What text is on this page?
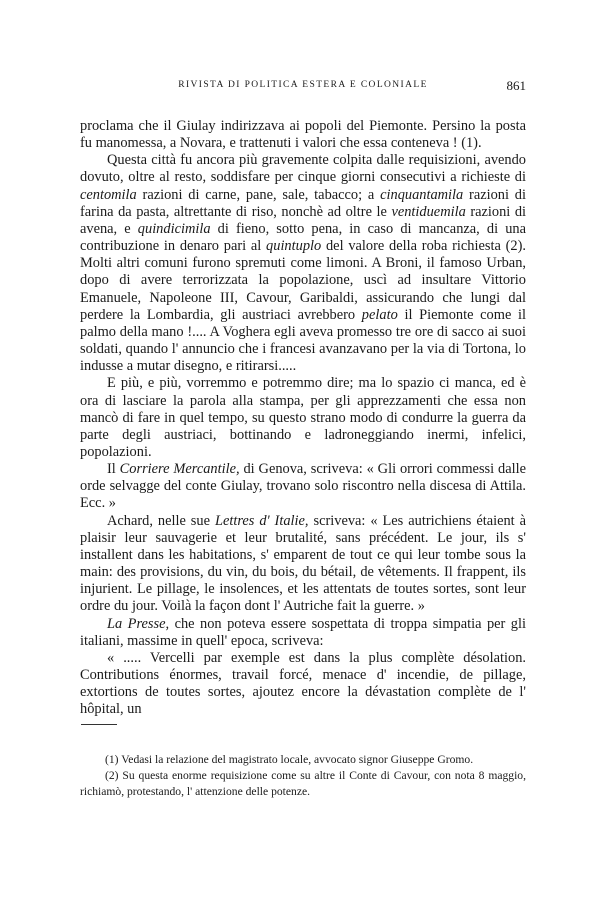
RIVISTA DI POLITICA ESTERA E COLONIALE	861

proclama che il Giulay indirizzava ai popoli del Piemonte. Persino la posta fu manomessa, a Novara, e trattenuti i valori che essa conteneva ! (1).

Questa città fu ancora più gravemente colpita dalle requisizioni, avendo dovuto, oltre al resto, soddisfare per cinque giorni consecutivi a richieste di centomila razioni di carne, pane, sale, tabacco; a cinquantamila razioni di farina da pasta, altrettante di riso, nonchè ad oltre le ventiduemila razioni di avena, e quindicimila di fieno, sotto pena, in caso di mancanza, di una contribuzione in denaro pari al quintuplo del valore della roba richiesta (2). Molti altri comuni furono spremuti come limoni. A Broni, il famoso Urban, dopo di avere terrorizzata la popolazione, uscì ad insultare Vittorio Emanuele, Napoleone III, Cavour, Garibaldi, assicurando che lungi dal perdere la Lombardia, gli austriaci avrebbero pelato il Piemonte come il palmo della mano !.... A Voghera egli aveva promesso tre ore di sacco ai suoi soldati, quando l' annuncio che i francesi avanzavano per la via di Tortona, lo indusse a mutar disegno, e ritirarsi.....

E più, e più, vorremmo e potremmo dire; ma lo spazio ci manca, ed è ora di lasciare la parola alla stampa, per gli apprezzamenti che essa non mancò di fare in quel tempo, su questo strano modo di condurre la guerra da parte degli austriaci, bottinando e ladroneggiando inermi, infelici, popolazioni.

Il Corriere Mercantile, di Genova, scriveva: « Gli orrori commessi dalle orde selvagge del conte Giulay, trovano solo riscontro nella discesa di Attila. Ecc. »

Achard, nelle sue Lettres d' Italie, scriveva: « Les autrichiens étaient à plaisir leur sauvagerie et leur brutalité, sans précédent. Le jour, ils s' installent dans les habitations, s' emparent de tout ce qui leur tombe sous la main: des provisions, du vin, du bois, du bétail, de vêtements. Il frappent, ils injurient. Le pillage, le insolences, et les attentats de toutes sortes, sont leur ordre du jour. Voilà la façon dont l' Autriche fait la guerre. »

La Presse, che non poteva essere sospettata di troppa simpatia per gli italiani, massime in quell' epoca, scriveva:

« ..... Vercelli par exemple est dans la plus complète désolation. Contributions énormes, travail forcé, menace d' incendie, de pillage, extortions de toutes sortes, ajoutez encore la dévastation complète de l' hôpital, un

(1) Vedasi la relazione del magistrato locale, avvocato signor Giuseppe Gromo.

(2) Su questa enorme requisizione come su altre il Conte di Cavour, con nota 8 maggio, richiamò, protestando, l' attenzione delle potenze.
